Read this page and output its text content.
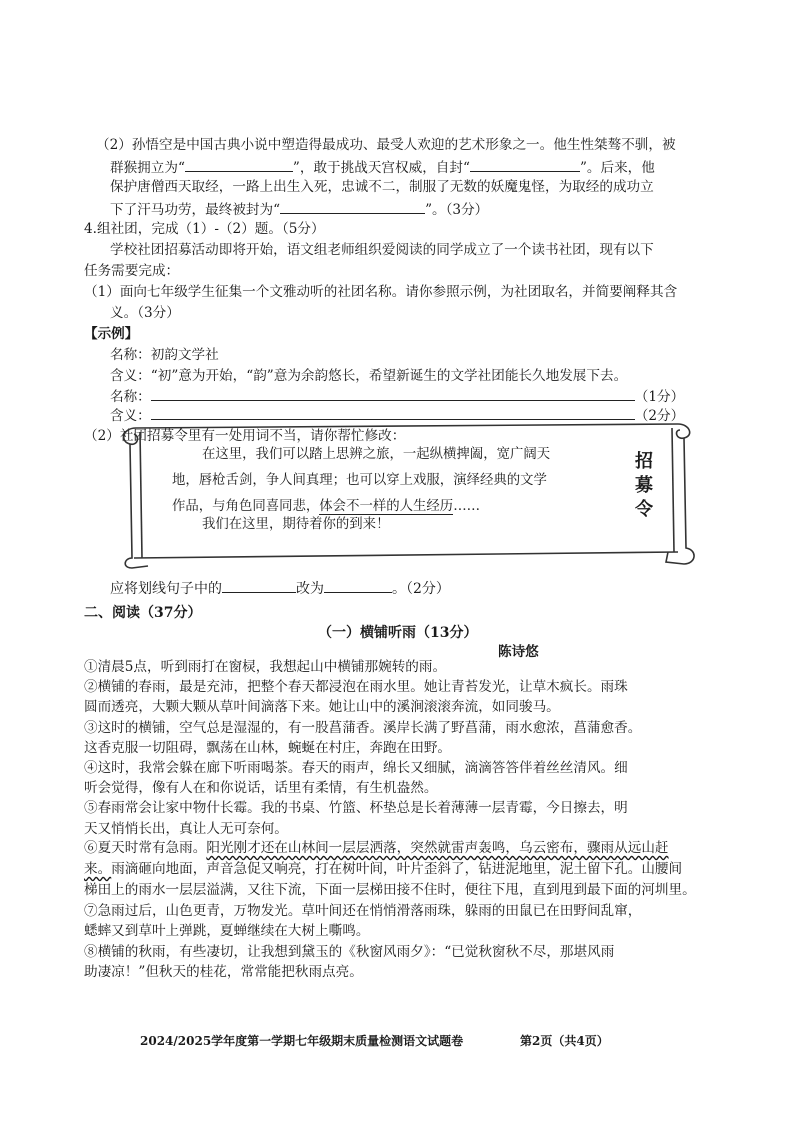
（2）孙悟空是中国古典小说中塑造得最成功、最受人欢迎的艺术形象之一。他生性桀骜不驯，被
群猴拥立为“	”，敢于挑战天宫权威，自封“	”。后来，他
保护唐僧西天取经，一路上出生入死，忠诚不二，制服了无数的妖魔鬼怪，为取经的成功立
下了汗马功劳，最终被封为“	”。（3分）
4.组社团，完成（1）-（2）题。（5分）
学校社团招募活动即将开始，语文组老师组织爱阅读的同学成立了一个读书社团，现有以下
任务需要完成：
（1）面向七年级学生征集一个文雅动听的社团名称。请你参照示例，为社团取名，并简要阐释其含
义。（3分）
【示例】
名称：初韵文学社
含义：“初”意为开始，“韵”意为余韵悠长，希望新诞生的文学社团能长久地发展下去。
名称：	（1分）
含义：	（2分）
（2）社团招募令里有一处用词不当，请你帮忙修改：
在这里，我们可以踏上思辨之旅，一起纵横捭阖，宽广阔天
地，唇枪舌剑，争人间真理；也可以穿上戏服，演绎经典的文学
作品，与角色同喜同悲，体会不一样的人生经历……
我们在这里，期待着你的到来！
招
募
令
应将划线句子中的	改为	。（2分）
二、阅读（37分）
（一）横铺听雨（13分）
陈诗悠
①清晨5点，听到雨打在窗棂，我想起山中横铺那婉转的雨。
②横铺的春雨，最是充沛，把整个春天都浸泡在雨水里。她让青苔发光，让草木疯长。雨珠
圆而透亮，大颗大颗从草叶间滴落下来。她让山中的溪涧滚滚奔流，如同骏马。
③这时的横铺，空气总是湿湿的，有一股菖蒲香。溪岸长满了野菖蒲，雨水愈浓，菖蒲愈香。
这香克服一切阻碍，飘荡在山林，蜿蜒在村庄，奔跑在田野。
④这时，我常会躲在廊下听雨喝茶。春天的雨声，绵长又细腻，滴滴答答伴着丝丝清风。细
听会觉得，像有人在和你说话，话里有柔情，有生机盎然。
⑤春雨常会让家中物什长霉。我的书桌、竹篮、杯垫总是长着薄薄一层青霉，今日擦去，明
天又悄悄长出，真让人无可奈何。
⑥夏天时常有急雨。阳光刚才还在山林间一层层洒落，突然就雷声轰鸣，乌云密布，骤雨从远山赶
来。雨滴砸向地面，声音急促又响亮，打在树叶间，叶片歪斜了，钻进泥地里，泥土留下孔。山腰间
梯田上的雨水一层层溢满，又往下流，下面一层梯田接不住时，便往下甩，直到甩到最下面的河圳里。
⑦急雨过后，山色更青，万物发光。草叶间还在悄悄滑落雨珠，躲雨的田鼠已在田野间乱窜，
蟋蟀又到草叶上弹跳，夏蝉继续在大树上嘶鸣。
⑧横铺的秋雨，有些凄切，让我想到黛玉的《秋窗风雨夕》：“已觉秋窗秋不尽，那堪风雨
助凄凉！”但秋天的桂花，常常能把秋雨点亮。
2024/2025学年度第一学期七年级期末质量检测语文试题卷	第2页（共4页）
